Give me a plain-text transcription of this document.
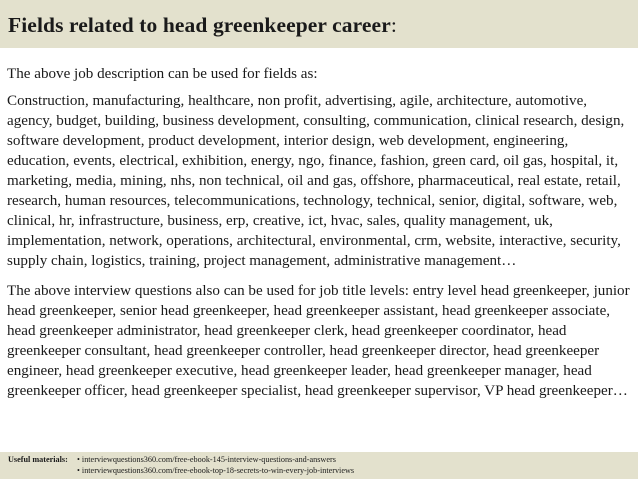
Fields related to head greenkeeper career:

The above job description can be used for fields as:

Construction, manufacturing, healthcare, non profit, advertising, agile, architecture, automotive, agency, budget, building, business development, consulting, communication, clinical research, design, software development, product development, interior design, web development, engineering, education, events, electrical, exhibition, energy, ngo, finance, fashion, green card, oil gas, hospital, it, marketing, media, mining, nhs, non technical, oil and gas, offshore, pharmaceutical, real estate, retail, research, human resources, telecommunications, technology, technical, senior, digital, software, web, clinical, hr, infrastructure, business, erp, creative, ict, hvac, sales, quality management, uk, implementation, network, operations, architectural, environmental, crm, website, interactive, security, supply chain, logistics, training, project management, administrative management…

The above interview questions also can be used for job title levels: entry level head greenkeeper, junior head greenkeeper, senior head greenkeeper, head greenkeeper assistant, head greenkeeper associate, head greenkeeper administrator, head greenkeeper clerk, head greenkeeper coordinator, head greenkeeper consultant, head greenkeeper controller, head greenkeeper director, head greenkeeper engineer, head greenkeeper executive, head greenkeeper leader, head greenkeeper manager, head greenkeeper officer, head greenkeeper specialist, head greenkeeper supervisor, VP head greenkeeper…

Useful materials: • interviewquestions360.com/free-ebook-145-interview-questions-and-answers
• interviewquestions360.com/free-ebook-top-18-secrets-to-win-every-job-interviews
